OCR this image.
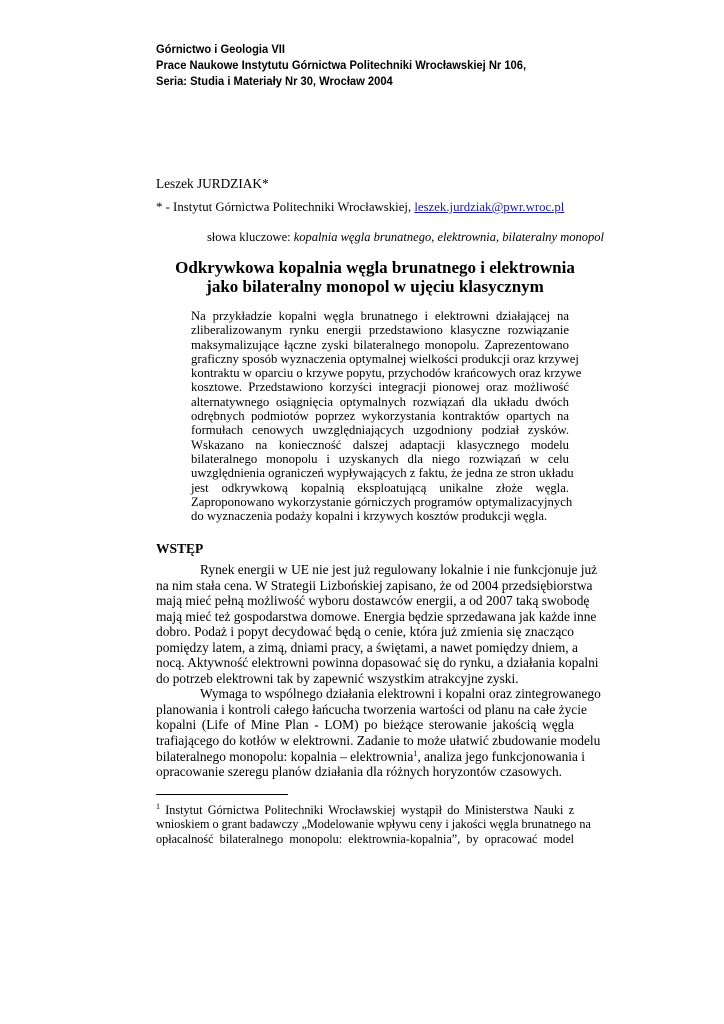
Górnictwo i Geologia VII
Prace Naukowe Instytutu Górnictwa Politechniki Wrocławskiej Nr 106,
Seria: Studia i Materiały Nr 30, Wrocław 2004
Leszek JURDZIAK*
* - Instytut Górnictwa Politechniki Wrocławskiej, leszek.jurdziak@pwr.wroc.pl
słowa kluczowe: kopalnia węgla brunatnego, elektrownia, bilateralny monopol
Odkrywkowa kopalnia węgla brunatnego i elektrownia
jako bilateralny monopol w ujęciu klasycznym
Na przykładzie kopalni węgla brunatnego i elektrowni działającej na
zliberalizowanym rynku energii przedstawiono klasyczne rozwiązanie
maksymalizujące łączne zyski bilateralnego monopolu. Zaprezentowano
graficzny sposób wyznaczenia optymalnej wielkości produkcji oraz krzywej
kontraktu w oparciu o krzywe popytu, przychodów krańcowych oraz krzywe
kosztowe. Przedstawiono korzyści integracji pionowej oraz możliwość
alternatywnego osiągnięcia optymalnych rozwiązań dla układu dwóch
odrębnych podmiotów poprzez wykorzystania kontraktów opartych na
formułach cenowych uwzględniających uzgodniony podział zysków.
Wskazano na konieczność dalszej adaptacji klasycznego modelu
bilateralnego monopolu i uzyskanych dla niego rozwiązań w celu
uwzględnienia ograniczeń wypływających z faktu, że jedna ze stron układu
jest odkrywkową kopalnią eksploatującą unikalne złoże węgla.
Zaproponowano wykorzystanie górniczych programów optymalizacyjnych
do wyznaczenia podaży kopalni i krzywych kosztów produkcji węgla.
WSTĘP
Rynek energii w UE nie jest już regulowany lokalnie i nie funkcjonuje już
na nim stała cena. W Strategii Lizbońskiej zapisano, że od 2004 przedsiębiorstwa
mają mieć pełną możliwość wyboru dostawców energii, a od 2007 taką swobodę
mają mieć też gospodarstwa domowe. Energia będzie sprzedawana jak każde inne
dobro. Podaż i popyt decydować będą o cenie, która już zmienia się znacząco
pomiędzy latem, a zimą, dniami pracy, a świętami, a nawet pomiędzy dniem, a
nocą. Aktywność elektrowni powinna dopasować się do rynku, a działania kopalni
do potrzeb elektrowni tak by zapewnić wszystkim atrakcyjne zyski.
Wymaga to wspólnego działania elektrowni i kopalni oraz zintegrowanego
planowania i kontroli całego łańcucha tworzenia wartości od planu na całe życie
kopalni (Life of Mine Plan - LOM) po bieżące sterowanie jakością węgla
trafiającego do kotłów w elektrowni. Zadanie to może ułatwić zbudowanie modelu
bilateralnego monopolu: kopalnia – elektrownia$^1$, analiza jego funkcjonowania i
opracowanie szeregu planów działania dla różnych horyzontów czasowych.
$^1$ Instytut Górnictwa Politechniki Wrocławskiej wystąpił do Ministerstwa Nauki z
wnioskiem o grant badawczy „Modelowanie wpływu ceny i jakości węgla brunatnego na
opłacalność bilateralnego monopolu: elektrownia-kopalnia”, by opracować model
